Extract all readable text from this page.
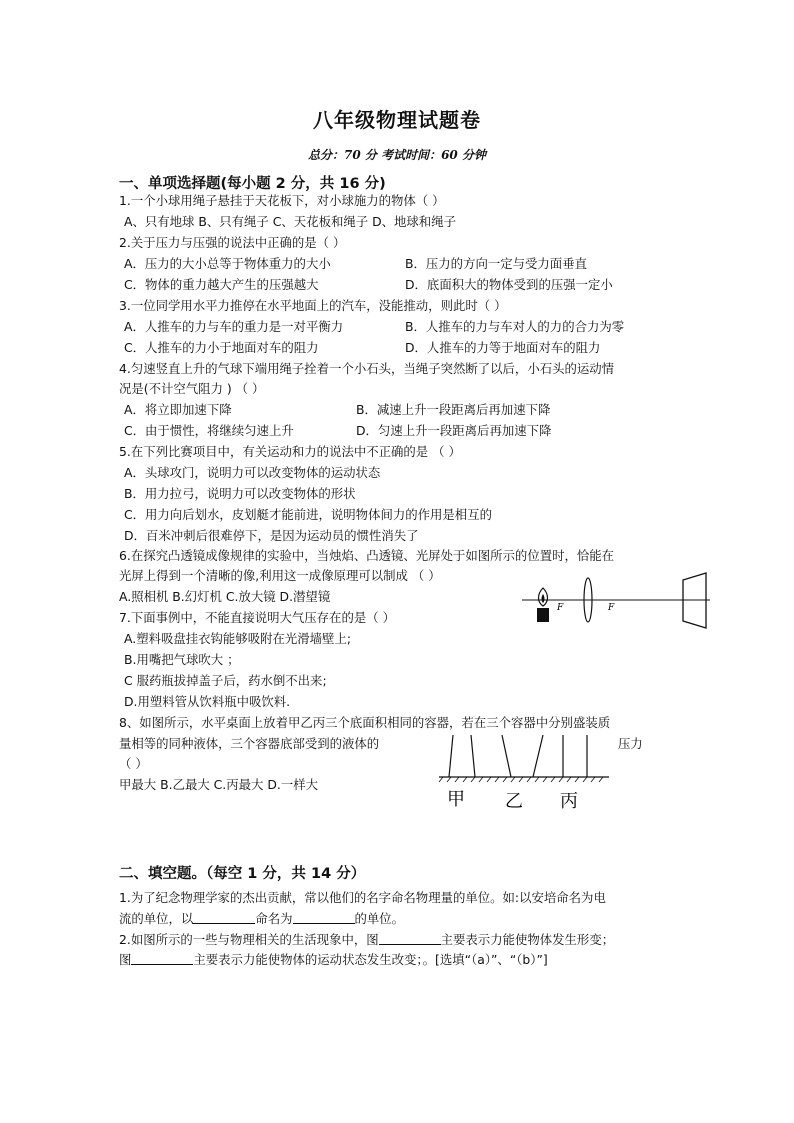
八年级物理试题卷
总分：70 分 考试时间：60 分钟
一、单项选择题(每小题 2 分，共 16 分)
1.一个小球用绳子悬挂于天花板下，对小球施力的物体（ ）
A、只有地球 B、只有绳子 C、天花板和绳子 D、地球和绳子
2.关于压力与压强的说法中正确的是（ ）
A．压力的大小总等于物体重力的大小	B．压力的方向一定与受力面垂直
C．物体的重力越大产生的压强越大	D．底面积大的物体受到的压强一定小
3.一位同学用水平力推停在水平地面上的汽车，没能推动，则此时（ ）
A．人推车的力与车的重力是一对平衡力	B．人推车的力与车对人的力的合力为零
C．人推车的力小于地面对车的阻力	D．人推车的力等于地面对车的阻力
4.匀速竖直上升的气球下端用绳子拴着一个小石头，当绳子突然断了以后，小石头的运动情
况是(不计空气阻力 ) （ ）
A．将立即加速下降	B．减速上升一段距离后再加速下降
C．由于惯性，将继续匀速上升	D．匀速上升一段距离后再加速下降
5.在下列比赛项目中，有关运动和力的说法中不正确的是 （ ）
A．头球攻门，说明力可以改变物体的运动状态
B．用力拉弓，说明力可以改变物体的形状
C．用力向后划水，皮划艇才能前进，说明物体间力的作用是相互的
D．百米冲刺后很难停下，是因为运动员的惯性消失了
6.在探究凸透镜成像规律的实验中，当烛焰、凸透镜、光屏处于如图所示的位置时，恰能在
光屏上得到一个清晰的像,利用这一成像原理可以制成 （ ）
A.照相机 B.幻灯机 C.放大镜 D.潜望镜
F	F
7.下面事例中，不能直接说明大气压存在的是（ ）
A.塑料吸盘挂衣钩能够吸附在光滑墙壁上;
B.用嘴把气球吹大 ；
C 服药瓶拔掉盖子后，药水倒不出来;
D.用塑料管从饮料瓶中吸饮料.
8、如图所示，水平桌面上放着甲乙丙三个底面积相同的容器，若在三个容器中分别盛装质
量相等的同种液体，三个容器底部受到的液体的	压力
（ ）
甲最大 B.乙最大 C.丙最大 D.一样大
甲 乙 丙
二、填空题。（每空 1 分，共 14 分）
1.为了纪念物理学家的杰出贡献，常以他们的名字命名物理量的单位。如:以安培命名为电
流的单位，以	命名为	的单位。
2.如图所示的一些与物理相关的生活现象中，图	主要表示力能使物体发生形变；
图	主要表示力能使物体的运动状态发生改变；。[选填“（a）”、“（b）”]
